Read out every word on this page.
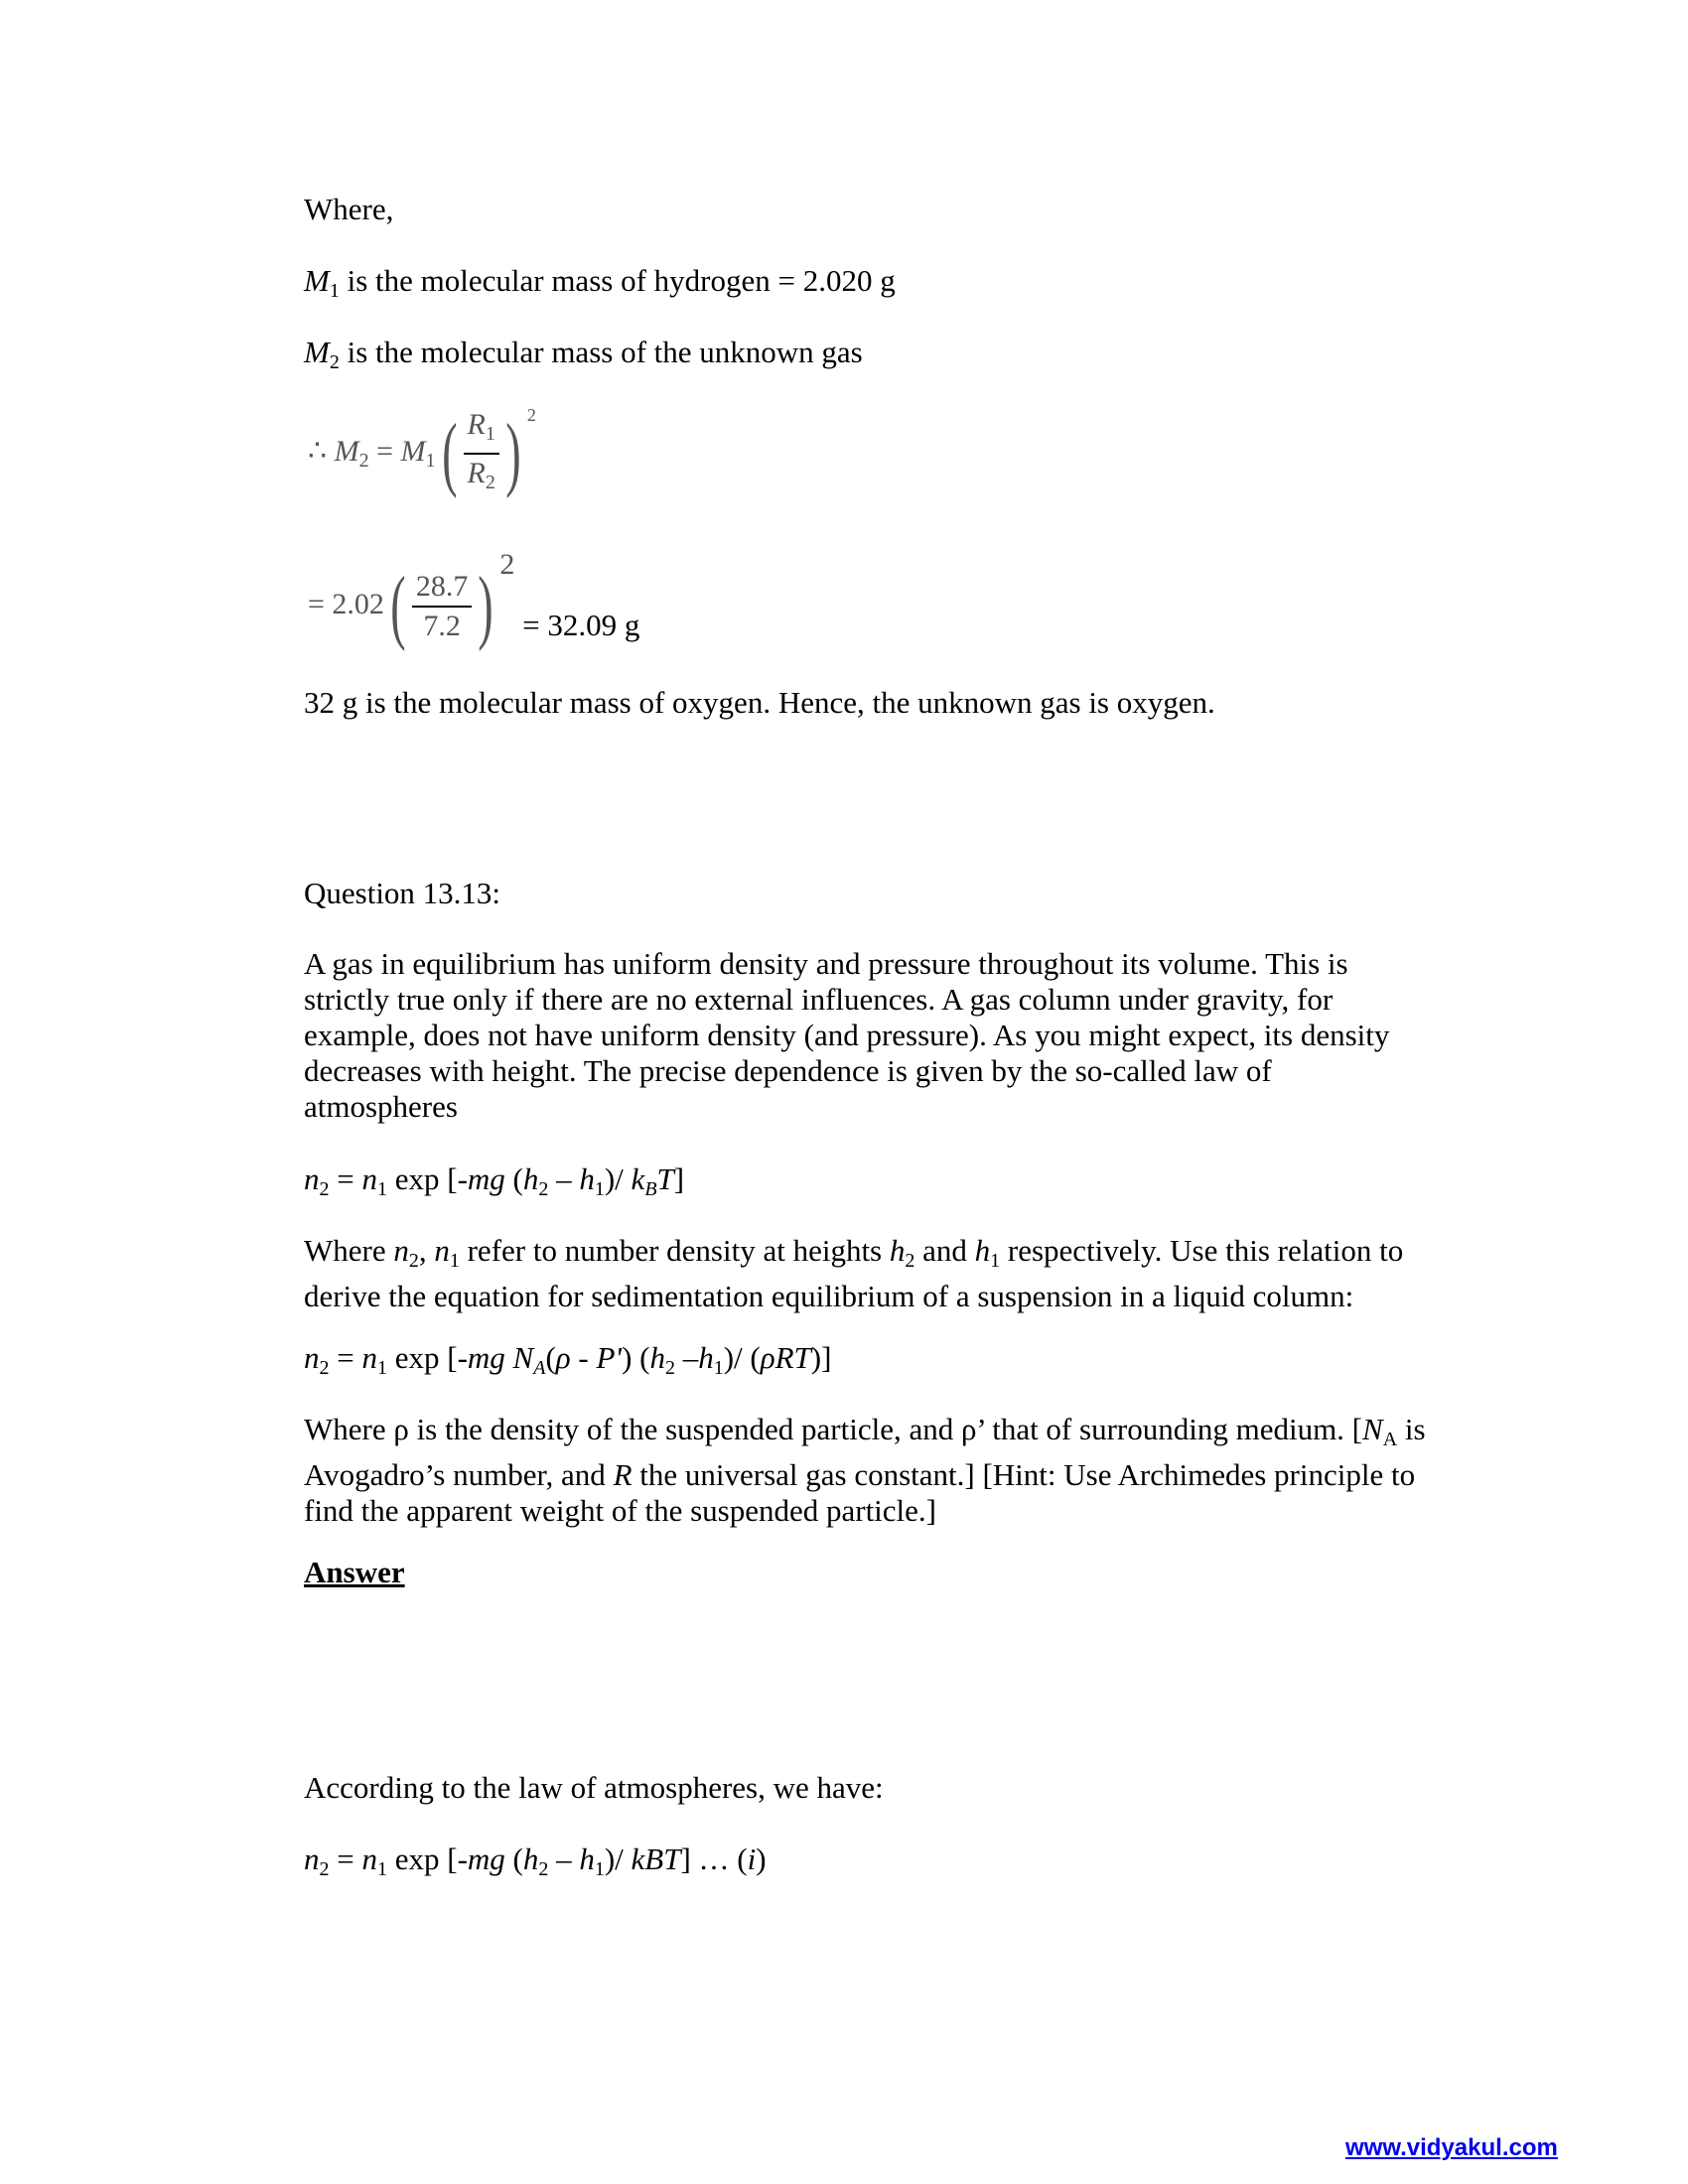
Where,
$M_1$ is the molecular mass of hydrogen = 2.020 g
$M_2$ is the molecular mass of the unknown gas
∴ $M_2 = M_1( \frac{R_1}{R_2}$ ) $^2$
= $2.02( \frac{28.7}{7.2}$ ) $^2$ = 32.09 g
32 g is the molecular mass of oxygen. Hence, the unknown gas is oxygen.
Question 13.13:
A gas in equilibrium has uniform density and pressure throughout its volume. This is strictly true only if there are no external influences. A gas column under gravity, for example, does not have uniform density (and pressure). As you might expect, its density decreases with height. The precise dependence is given by the so-called law of atmospheres
$n_2 = n_1$ exp [-mg $(h_2 - h_1)/$ $k_BT$]
Where $n_2$, $n_1$ refer to number density at heights $h_2$ and $h_1$ respectively. Use this relation to derive the equation for sedimentation equilibrium of a suspension in a liquid column:
$n_2 = n_1$ exp [-mg $N_A(\rho - P')$ ($h_2$ $-h_1)/$ (ρRT)]
Where ρ is the density of the suspended particle, and ρ’ that of surrounding medium. [$N_A$ is Avogadro’s number, and R the universal gas constant.] [Hint: Use Archimedes principle to find the apparent weight of the suspended particle.]
Answer
According to the law of atmospheres, we have:
$n_2 = n_1$ exp [-mg $(h_2 - h_1)/$ kBT] … (i)
www.vidyakul.com
